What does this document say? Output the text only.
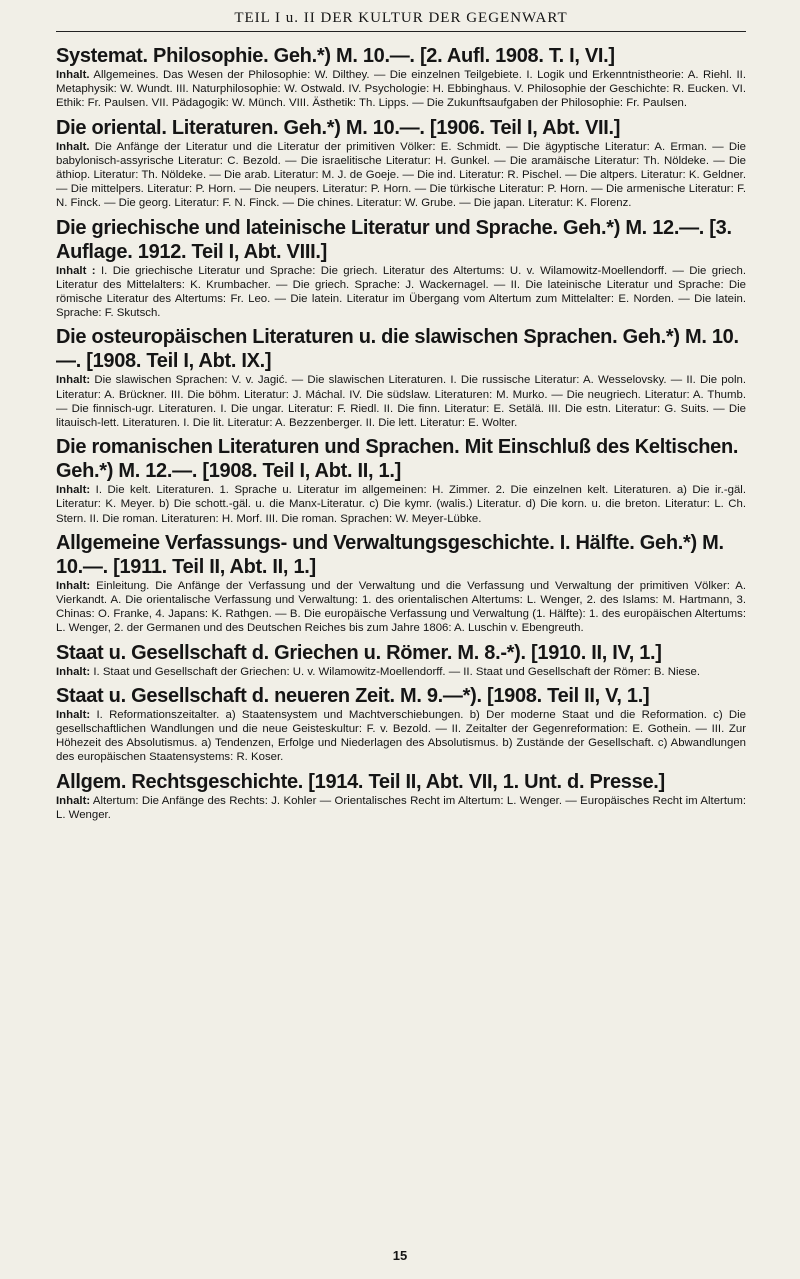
TEIL I u. II DER KULTUR DER GEGENWART
Systemat. Philosophie. Geh.*) M. 10.—. [2. Aufl. 1908. T. I, VI.]
Inhalt. Allgemeines. Das Wesen der Philosophie: W. Dilthey. — Die einzelnen Teilgebiete. I. Logik und Erkenntnistheorie: A. Riehl. II. Metaphysik: W. Wundt. III. Naturphilosophie: W. Ostwald. IV. Psychologie: H. Ebbinghaus. V. Philosophie der Geschichte: R. Eucken. VI. Ethik: Fr. Paulsen. VII. Pädagogik: W. Münch. VIII. Ästhetik: Th. Lipps. — Die Zukunftsaufgaben der Philosophie: Fr. Paulsen.
Die oriental. Literaturen. Geh.*) M. 10.—. [1906. Teil I, Abt. VII.]
Inhalt. Die Anfänge der Literatur und die Literatur der primitiven Völker: E. Schmidt. — Die ägyptische Literatur: A. Erman. — Die babylonisch-assyrische Literatur: C. Bezold. — Die israelitische Literatur: H. Gunkel. — Die aramäische Literatur: Th. Nöldeke. — Die äthiop. Literatur: Th. Nöldeke. — Die arab. Literatur: M. J. de Goeje. — Die ind. Literatur: R. Pischel. — Die altpers. Literatur: K. Geldner. — Die mittelpers. Literatur: P. Horn. — Die neupers. Literatur: P. Horn. — Die türkische Literatur: P. Horn. — Die armenische Literatur: F. N. Finck. — Die georg. Literatur: F. N. Finck. — Die chines. Literatur: W. Grube. — Die japan. Literatur: K. Florenz.
Die griechische und lateinische Literatur und Sprache. Geh.*) M. 12.—. [3. Auflage. 1912. Teil I, Abt. VIII.]
Inhalt : I. Die griechische Literatur und Sprache: Die griech. Literatur des Altertums: U. v. Wilamowitz-Moellendorff. — Die griech. Literatur des Mittelalters: K. Krumbacher. — Die griech. Sprache: J. Wackernagel. — II. Die lateinische Literatur und Sprache: Die römische Literatur des Altertums: Fr. Leo. — Die latein. Literatur im Übergang vom Altertum zum Mittelalter: E. Norden. — Die latein. Sprache: F. Skutsch.
Die osteuropäischen Literaturen u. die slawischen Sprachen. Geh.*) M. 10.—. [1908. Teil I, Abt. IX.]
Inhalt: Die slawischen Sprachen: V. v. Jagić. — Die slawischen Literaturen. I. Die russische Literatur: A. Wesselovsky. — II. Die poln. Literatur: A. Brückner. III. Die böhm. Literatur: J. Máchal. IV. Die südslaw. Literaturen: M. Murko. — Die neugriech. Literatur: A. Thumb. — Die finnisch-ugr. Literaturen. I. Die ungar. Literatur: F. Riedl. II. Die finn. Literatur: E. Setälä. III. Die estn. Literatur: G. Suits. — Die litauisch-lett. Literaturen. I. Die lit. Literatur: A. Bezzenberger. II. Die lett. Literatur: E. Wolter.
Die romanischen Literaturen und Sprachen. Mit Einschluß des Keltischen. Geh.*) M. 12.—. [1908. Teil I, Abt. II, 1.]
Inhalt: I. Die kelt. Literaturen. 1. Sprache u. Literatur im allgemeinen: H. Zimmer. 2. Die einzelnen kelt. Literaturen. a) Die ir.-gäl. Literatur: K. Meyer. b) Die schott.-gäl. u. die Manx-Literatur. c) Die kymr. (walis.) Literatur. d) Die korn. u. die breton. Literatur: L. Ch. Stern. II. Die roman. Literaturen: H. Morf. III. Die roman. Sprachen: W. Meyer-Lübke.
Allgemeine Verfassungs- und Verwaltungsgeschichte. I. Hälfte. Geh.*) M. 10.—. [1911. Teil II, Abt. II, 1.]
Inhalt: Einleitung. Die Anfänge der Verfassung und der Verwaltung und die Verfassung und Verwaltung der primitiven Völker: A. Vierkandt. A. Die orientalische Verfassung und Verwaltung: 1. des orientalischen Altertums: L. Wenger, 2. des Islams: M. Hartmann, 3. Chinas: O. Franke, 4. Japans: K. Rathgen. — B. Die europäische Verfassung und Verwaltung (1. Hälfte): 1. des europäischen Altertums: L. Wenger, 2. der Germanen und des Deutschen Reiches bis zum Jahre 1806: A. Luschin v. Ebengreuth.
Staat u. Gesellschaft d. Griechen u. Römer. M. 8.-*). [1910. II, IV, 1.]
Inhalt: I. Staat und Gesellschaft der Griechen: U. v. Wilamowitz-Moellendorff. — II. Staat und Gesellschaft der Römer: B. Niese.
Staat u. Gesellschaft d. neueren Zeit. M. 9.—*). [1908. Teil II, V, 1.]
Inhalt: I. Reformationszeitalter. a) Staatensystem und Machtverschiebungen. b) Der moderne Staat und die Reformation. c) Die gesellschaftlichen Wandlungen und die neue Geisteskultur: F. v. Bezold. — II. Zeitalter der Gegenreformation: E. Gothein. — III. Zur Höhezeit des Absolutismus. a) Tendenzen, Erfolge und Niederlagen des Absolutismus. b) Zustände der Gesellschaft. c) Abwandlungen des europäischen Staatensystems: R. Koser.
Allgem. Rechtsgeschichte. [1914. Teil II, Abt. VII, 1. Unt. d. Presse.]
Inhalt: Altertum: Die Anfänge des Rechts: J. Kohler — Orientalisches Recht im Altertum: L. Wenger. — Europäisches Recht im Altertum: L. Wenger.
15
